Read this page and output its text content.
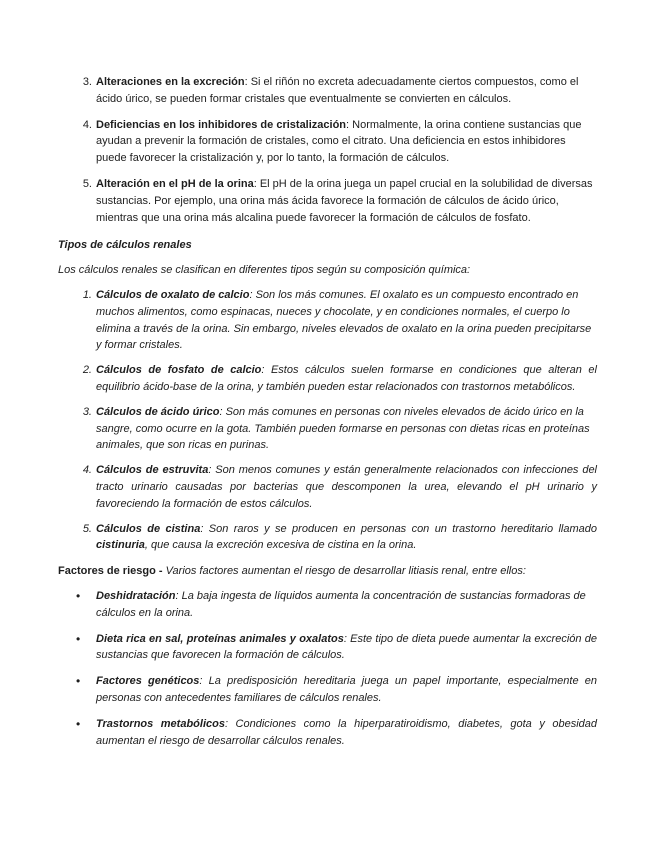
3. Alteraciones en la excreción: Si el riñón no excreta adecuadamente ciertos compuestos, como el ácido úrico, se pueden formar cristales que eventualmente se convierten en cálculos.
4. Deficiencias en los inhibidores de cristalización: Normalmente, la orina contiene sustancias que ayudan a prevenir la formación de cristales, como el citrato. Una deficiencia en estos inhibidores puede favorecer la cristalización y, por lo tanto, la formación de cálculos.
5. Alteración en el pH de la orina: El pH de la orina juega un papel crucial en la solubilidad de diversas sustancias. Por ejemplo, una orina más ácida favorece la formación de cálculos de ácido úrico, mientras que una orina más alcalina puede favorecer la formación de cálculos de fosfato.
Tipos de cálculos renales
Los cálculos renales se clasifican en diferentes tipos según su composición química:
1. Cálculos de oxalato de calcio: Son los más comunes. El oxalato es un compuesto encontrado en muchos alimentos, como espinacas, nueces y chocolate, y en condiciones normales, el cuerpo lo elimina a través de la orina. Sin embargo, niveles elevados de oxalato en la orina pueden precipitarse y formar cristales.
2. Cálculos de fosfato de calcio: Estos cálculos suelen formarse en condiciones que alteran el equilibrio ácido-base de la orina, y también pueden estar relacionados con trastornos metabólicos.
3. Cálculos de ácido úrico: Son más comunes en personas con niveles elevados de ácido úrico en la sangre, como ocurre en la gota. También pueden formarse en personas con dietas ricas en proteínas animales, que son ricas en purinas.
4. Cálculos de estruvita: Son menos comunes y están generalmente relacionados con infecciones del tracto urinario causadas por bacterias que descomponen la urea, elevando el pH urinario y favoreciendo la formación de estos cálculos.
5. Cálculos de cistina: Son raros y se producen en personas con un trastorno hereditario llamado cistinuria, que causa la excreción excesiva de cistina en la orina.
Factores de riesgo - Varios factores aumentan el riesgo de desarrollar litiasis renal, entre ellos:
•	Deshidratación: La baja ingesta de líquidos aumenta la concentración de sustancias formadoras de cálculos en la orina.
•	Dieta rica en sal, proteínas animales y oxalatos: Este tipo de dieta puede aumentar la excreción de sustancias que favorecen la formación de cálculos.
•	Factores genéticos: La predisposición hereditaria juega un papel importante, especialmente en personas con antecedentes familiares de cálculos renales.
•	Trastornos metabólicos: Condiciones como la hiperparatiroidismo, diabetes, gota y obesidad aumentan el riesgo de desarrollar cálculos renales.
